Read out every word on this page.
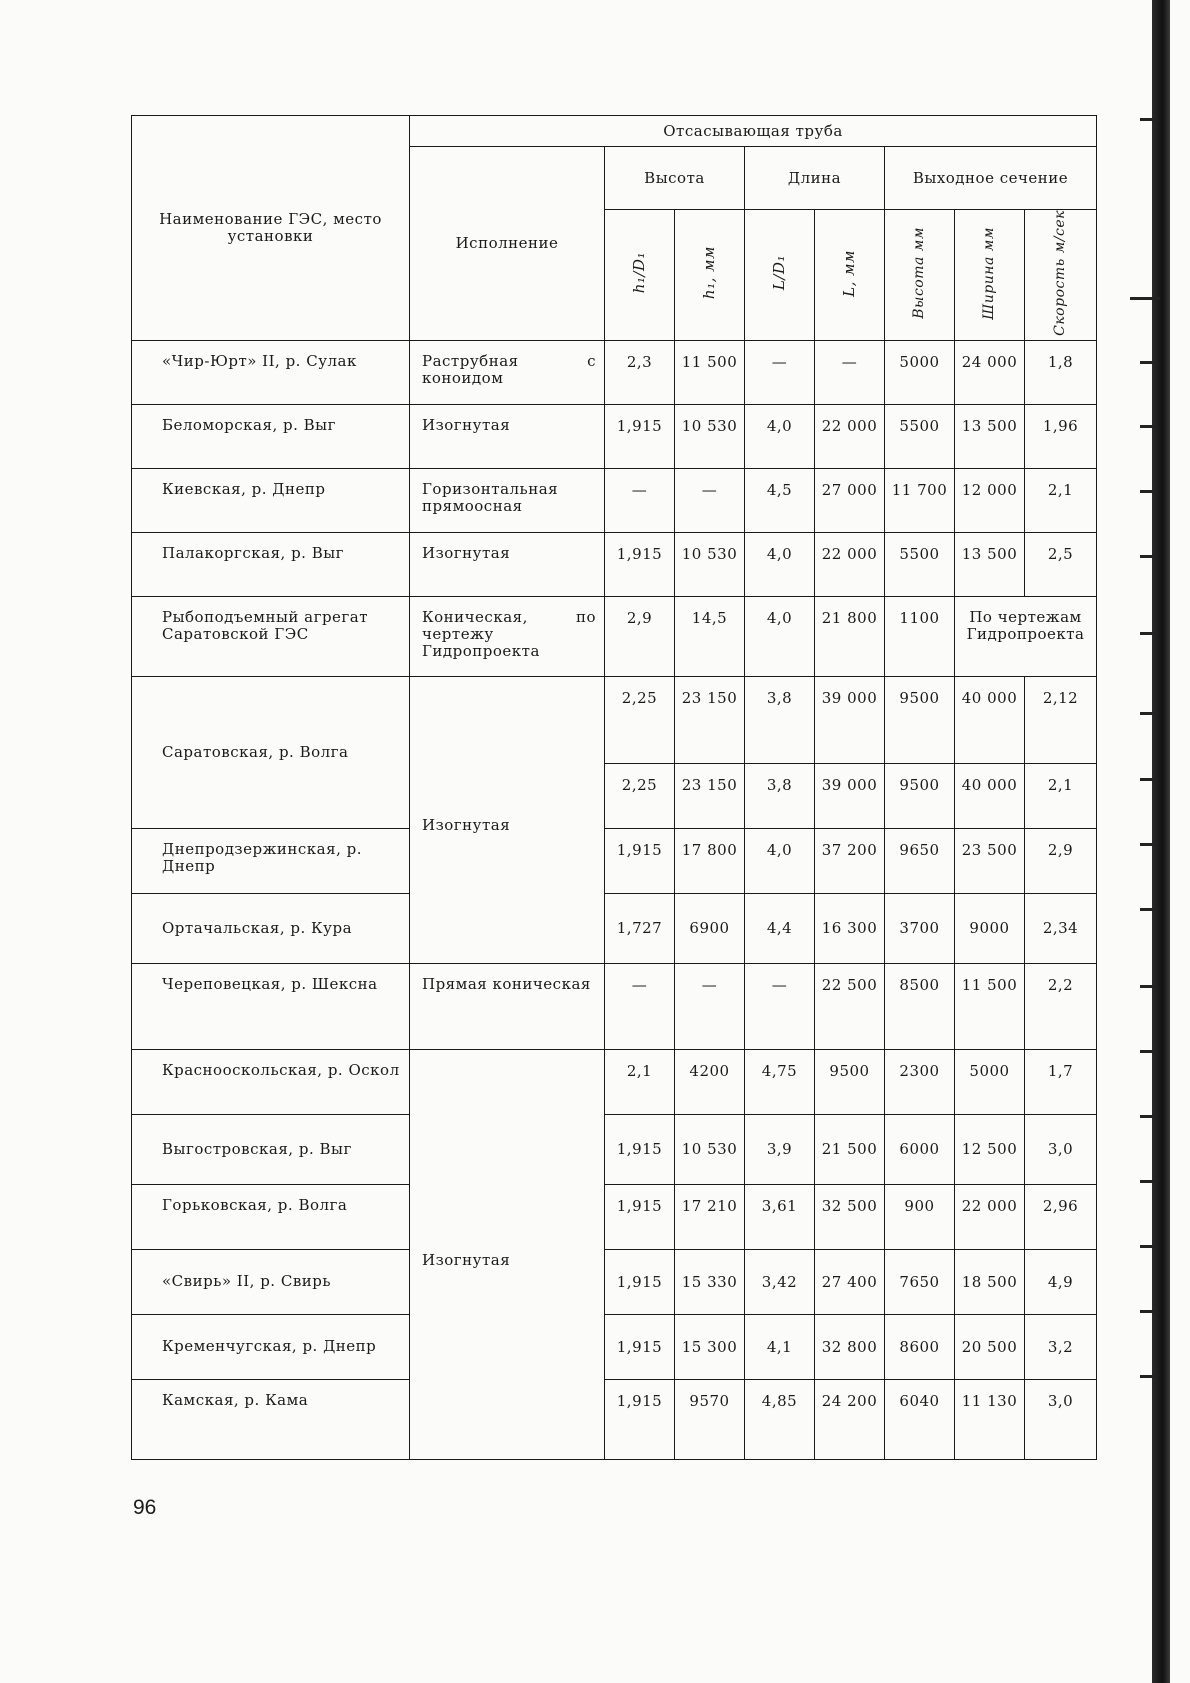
Наименование ГЭС, место установки	Отсасывающая труба							
	Исполнение	Высота		Длина		Выходное сечение		
		h₁/D₁	h₁, мм	L/D₁	L, мм	Высота мм	Ширина мм	Скорость м/сек
«Чир-Юрт» II, р. Сулак	Раструбная с коноидом	2,3	11 500	—	—	5000	24 000	1,8
Беломорская, р. Выг	Изогнутая	1,915	10 530	4,0	22 000	5500	13 500	1,96
Киевская, р. Днепр	Горизонтальная прямоосная	—	—	4,5	27 000	11 700	12 000	2,1
Палакоргская, р. Выг	Изогнутая	1,915	10 530	4,0	22 000	5500	13 500	2,5
Рыбоподъемный агрегат Саратовской ГЭС	Коническая, по чертежу Гидропроекта	2,9	14,5	4,0	21 800	1100	По чертежам Гидропроекта	
Саратовская, р. Волга	Изогнутая	2,25	23 150	3,8	39 000	9500	40 000	2,12
		2,25	23 150	3,8	39 000	9500	40 000	2,1
Днепродзержинская, р. Днепр		1,915	17 800	4,0	37 200	9650	23 500	2,9
Ортачальская, р. Кура		1,727	6900	4,4	16 300	3700	9000	2,34
Череповецкая, р. Шексна	Прямая коническая	—	—	—	22 500	8500	11 500	2,2
Краснооскольская, р. Оскол	Изогнутая	2,1	4200	4,75	9500	2300	5000	1,7
Выгостровская, р. Выг		1,915	10 530	3,9	21 500	6000	12 500	3,0
Горьковская, р. Волга		1,915	17 210	3,61	32 500	900	22 000	2,96
«Свирь» II, р. Свирь		1,915	15 330	3,42	27 400	7650	18 500	4,9
Кременчугская, р. Днепр		1,915	15 300	4,1	32 800	8600	20 500	3,2
Камская, р. Кама		1,915	9570	4,85	24 200	6040	11 130	3,0
96
